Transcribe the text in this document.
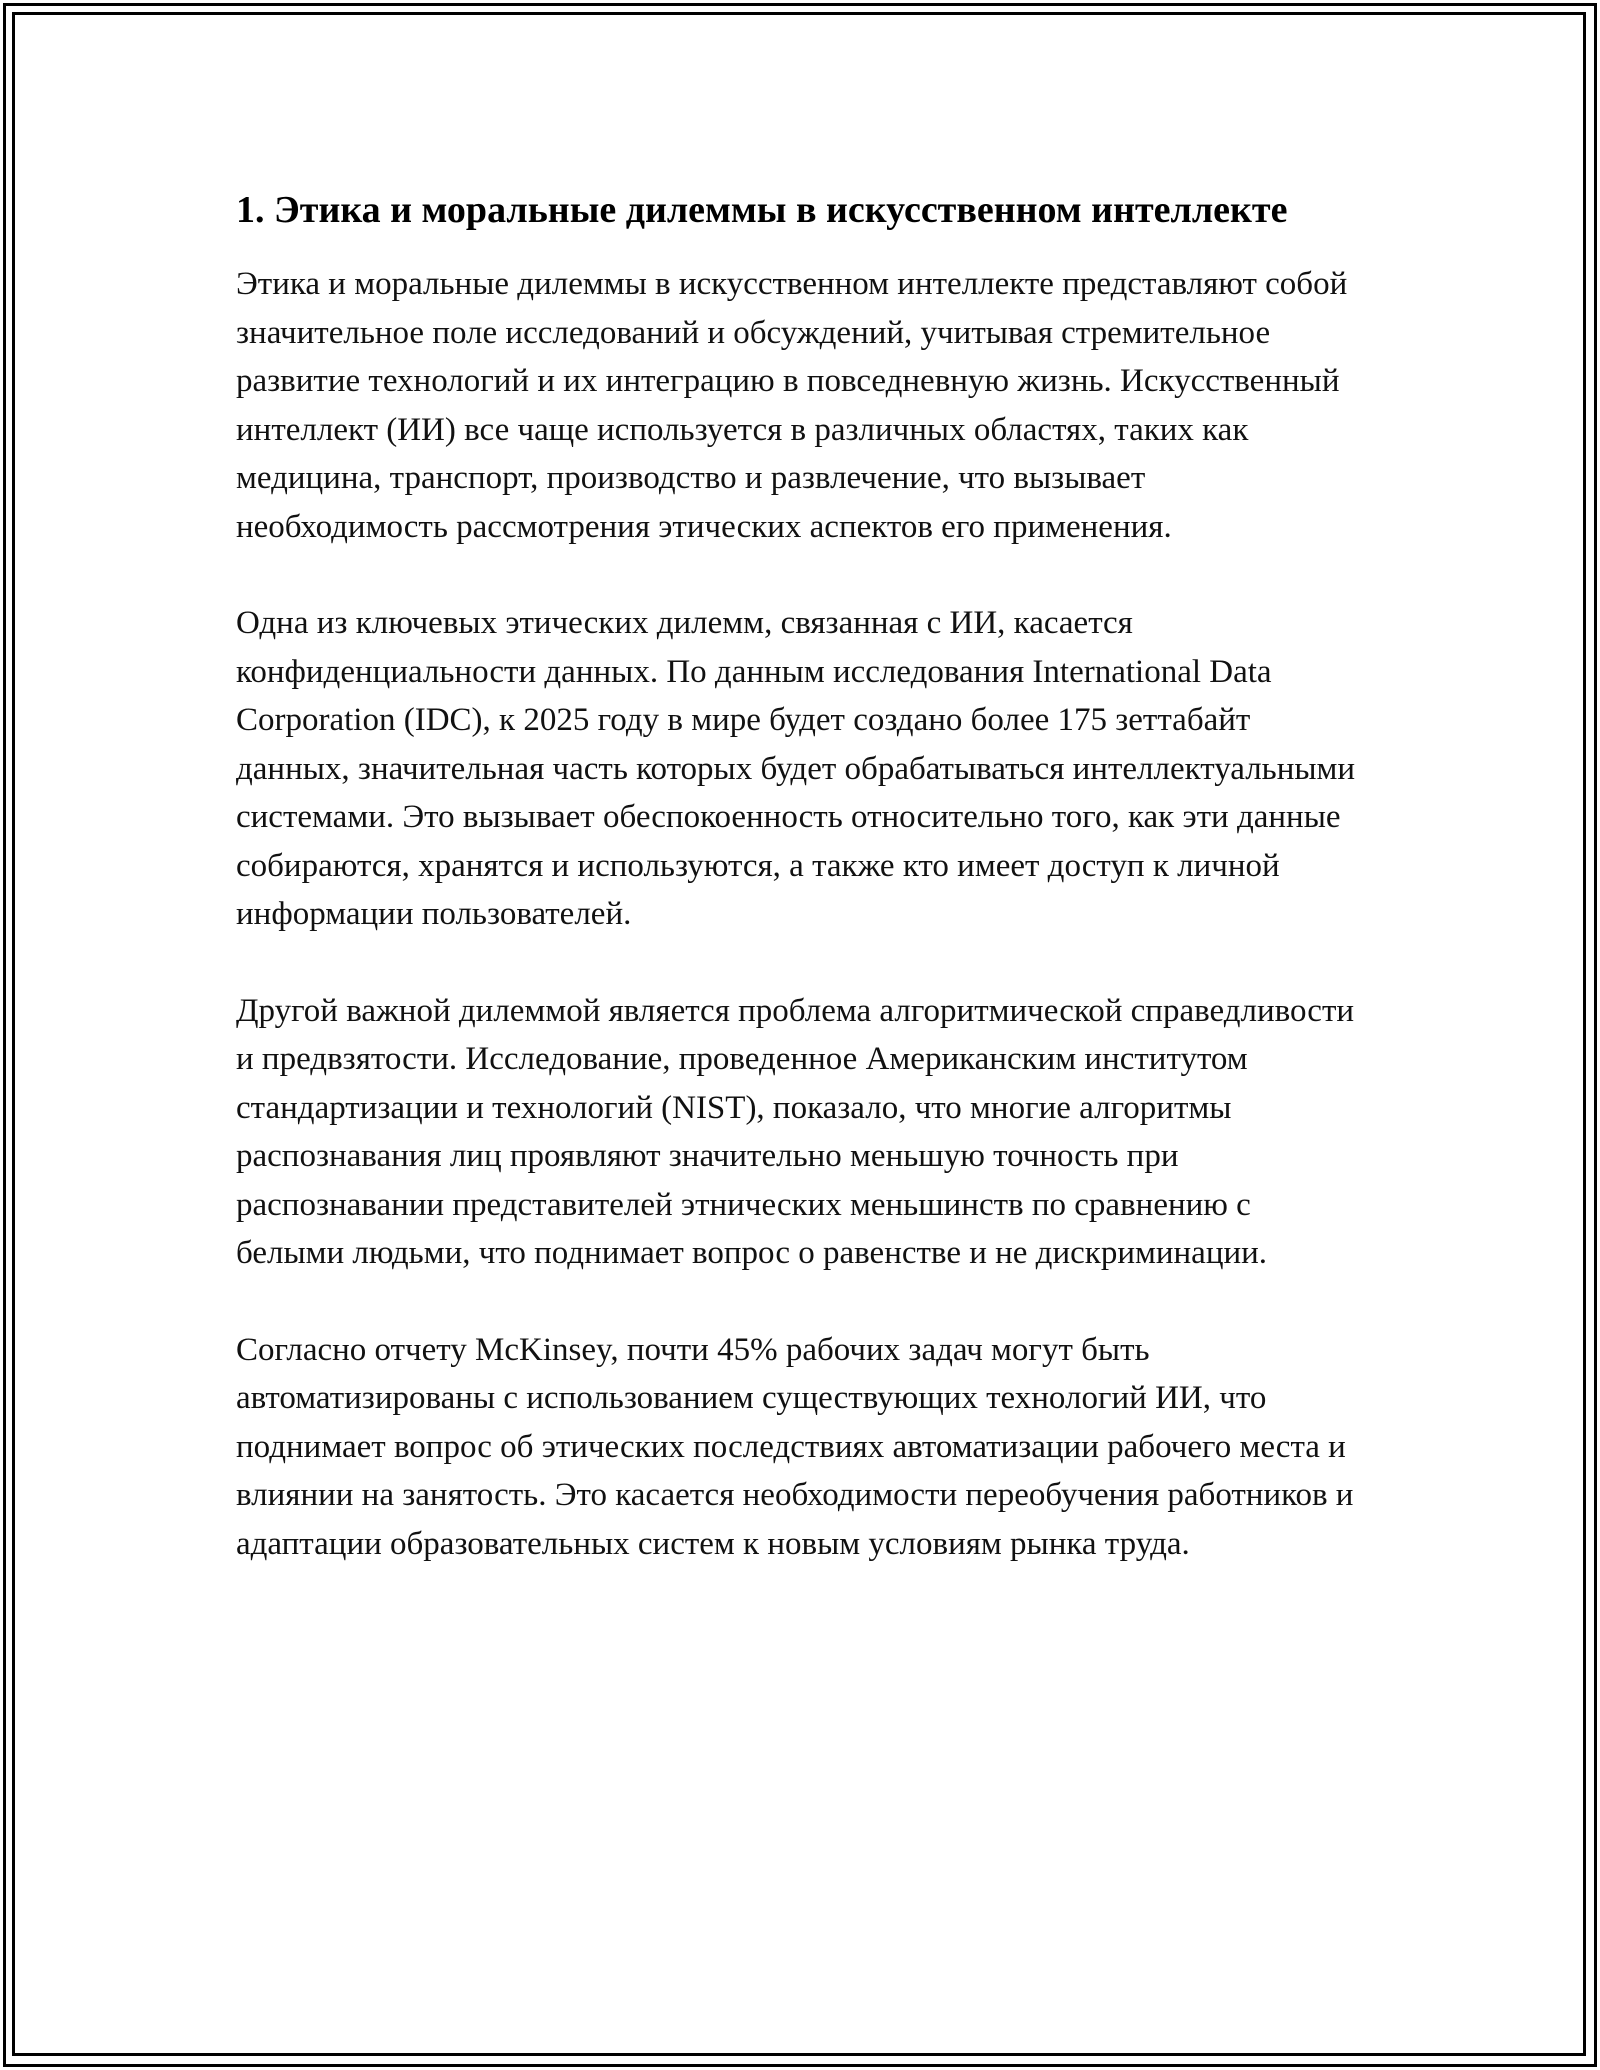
1. Этика и моральные дилеммы в искусственном интеллекте

Этика и моральные дилеммы в искусственном интеллекте представляют собой значительное поле исследований и обсуждений, учитывая стремительное развитие технологий и их интеграцию в повседневную жизнь. Искусственный интеллект (ИИ) все чаще используется в различных областях, таких как медицина, транспорт, производство и развлечение, что вызывает необходимость рассмотрения этических аспектов его применения.

Одна из ключевых этических дилемм, связанная с ИИ, касается конфиденциальности данных. По данным исследования International Data Corporation (IDC), к 2025 году в мире будет создано более 175 зеттабайт данных, значительная часть которых будет обрабатываться интеллектуальными системами. Это вызывает обеспокоенность относительно того, как эти данные собираются, хранятся и используются, а также кто имеет доступ к личной информации пользователей.

Другой важной дилеммой является проблема алгоритмической справедливости и предвзятости. Исследование, проведенное Американским институтом стандартизации и технологий (NIST), показало, что многие алгоритмы распознавания лиц проявляют значительно меньшую точность при распознавании представителей этнических меньшинств по сравнению с белыми людьми, что поднимает вопрос о равенстве и не дискриминации.

Согласно отчету McKinsey, почти 45% рабочих задач могут быть автоматизированы с использованием существующих технологий ИИ, что поднимает вопрос об этических последствиях автоматизации рабочего места и влиянии на занятость. Это касается необходимости переобучения работников и адаптации образовательных систем к новым условиям рынка труда.
